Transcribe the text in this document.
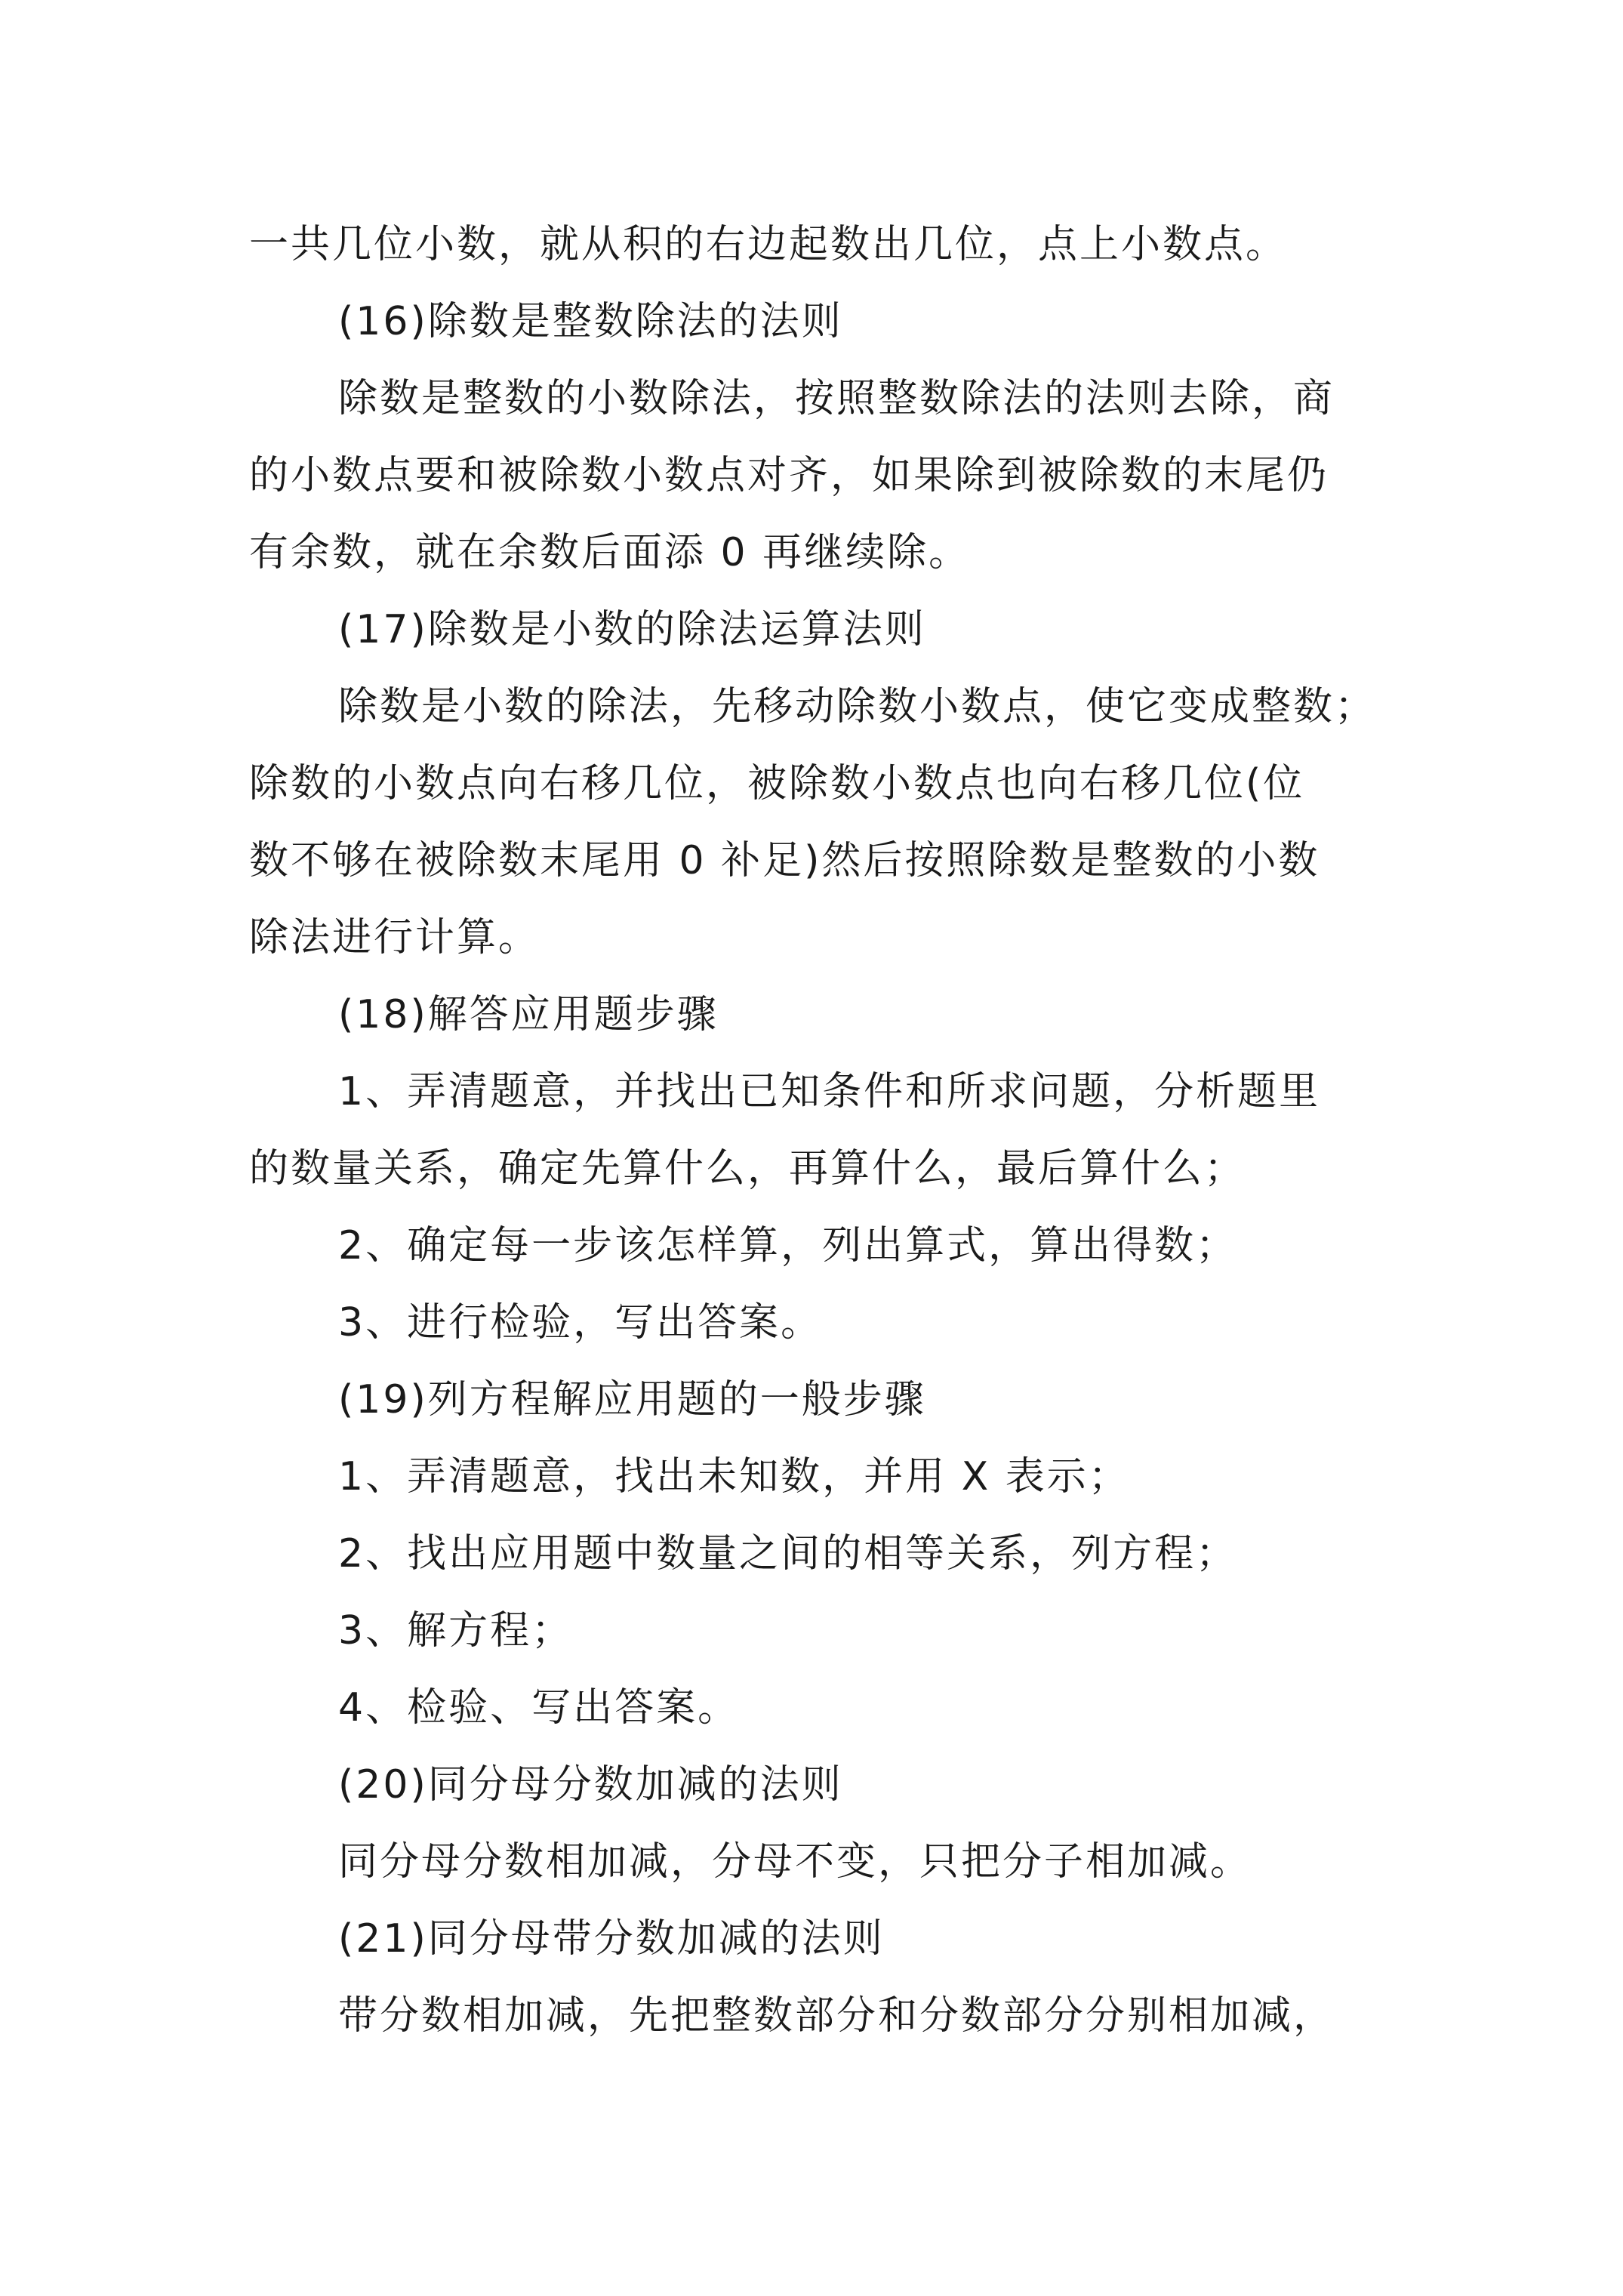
一共几位小数，就从积的右边起数出几位，点上小数点。
(16)除数是整数除法的法则
除数是整数的小数除法，按照整数除法的法则去除，商
的小数点要和被除数小数点对齐，如果除到被除数的末尾仍
有余数，就在余数后面添 0 再继续除。
(17)除数是小数的除法运算法则
除数是小数的除法，先移动除数小数点，使它变成整数；
除数的小数点向右移几位，被除数小数点也向右移几位(位
数不够在被除数末尾用 0 补足)然后按照除数是整数的小数
除法进行计算。
(18)解答应用题步骤
1、弄清题意，并找出已知条件和所求问题，分析题里
的数量关系，确定先算什么，再算什么，最后算什么；
2、确定每一步该怎样算，列出算式，算出得数；
3、进行检验，写出答案。
(19)列方程解应用题的一般步骤
1、弄清题意，找出未知数，并用 X 表示；
2、找出应用题中数量之间的相等关系，列方程；
3、解方程；
4、检验、写出答案。
(20)同分母分数加减的法则
同分母分数相加减，分母不变，只把分子相加减。
(21)同分母带分数加减的法则
带分数相加减，先把整数部分和分数部分分别相加减，
